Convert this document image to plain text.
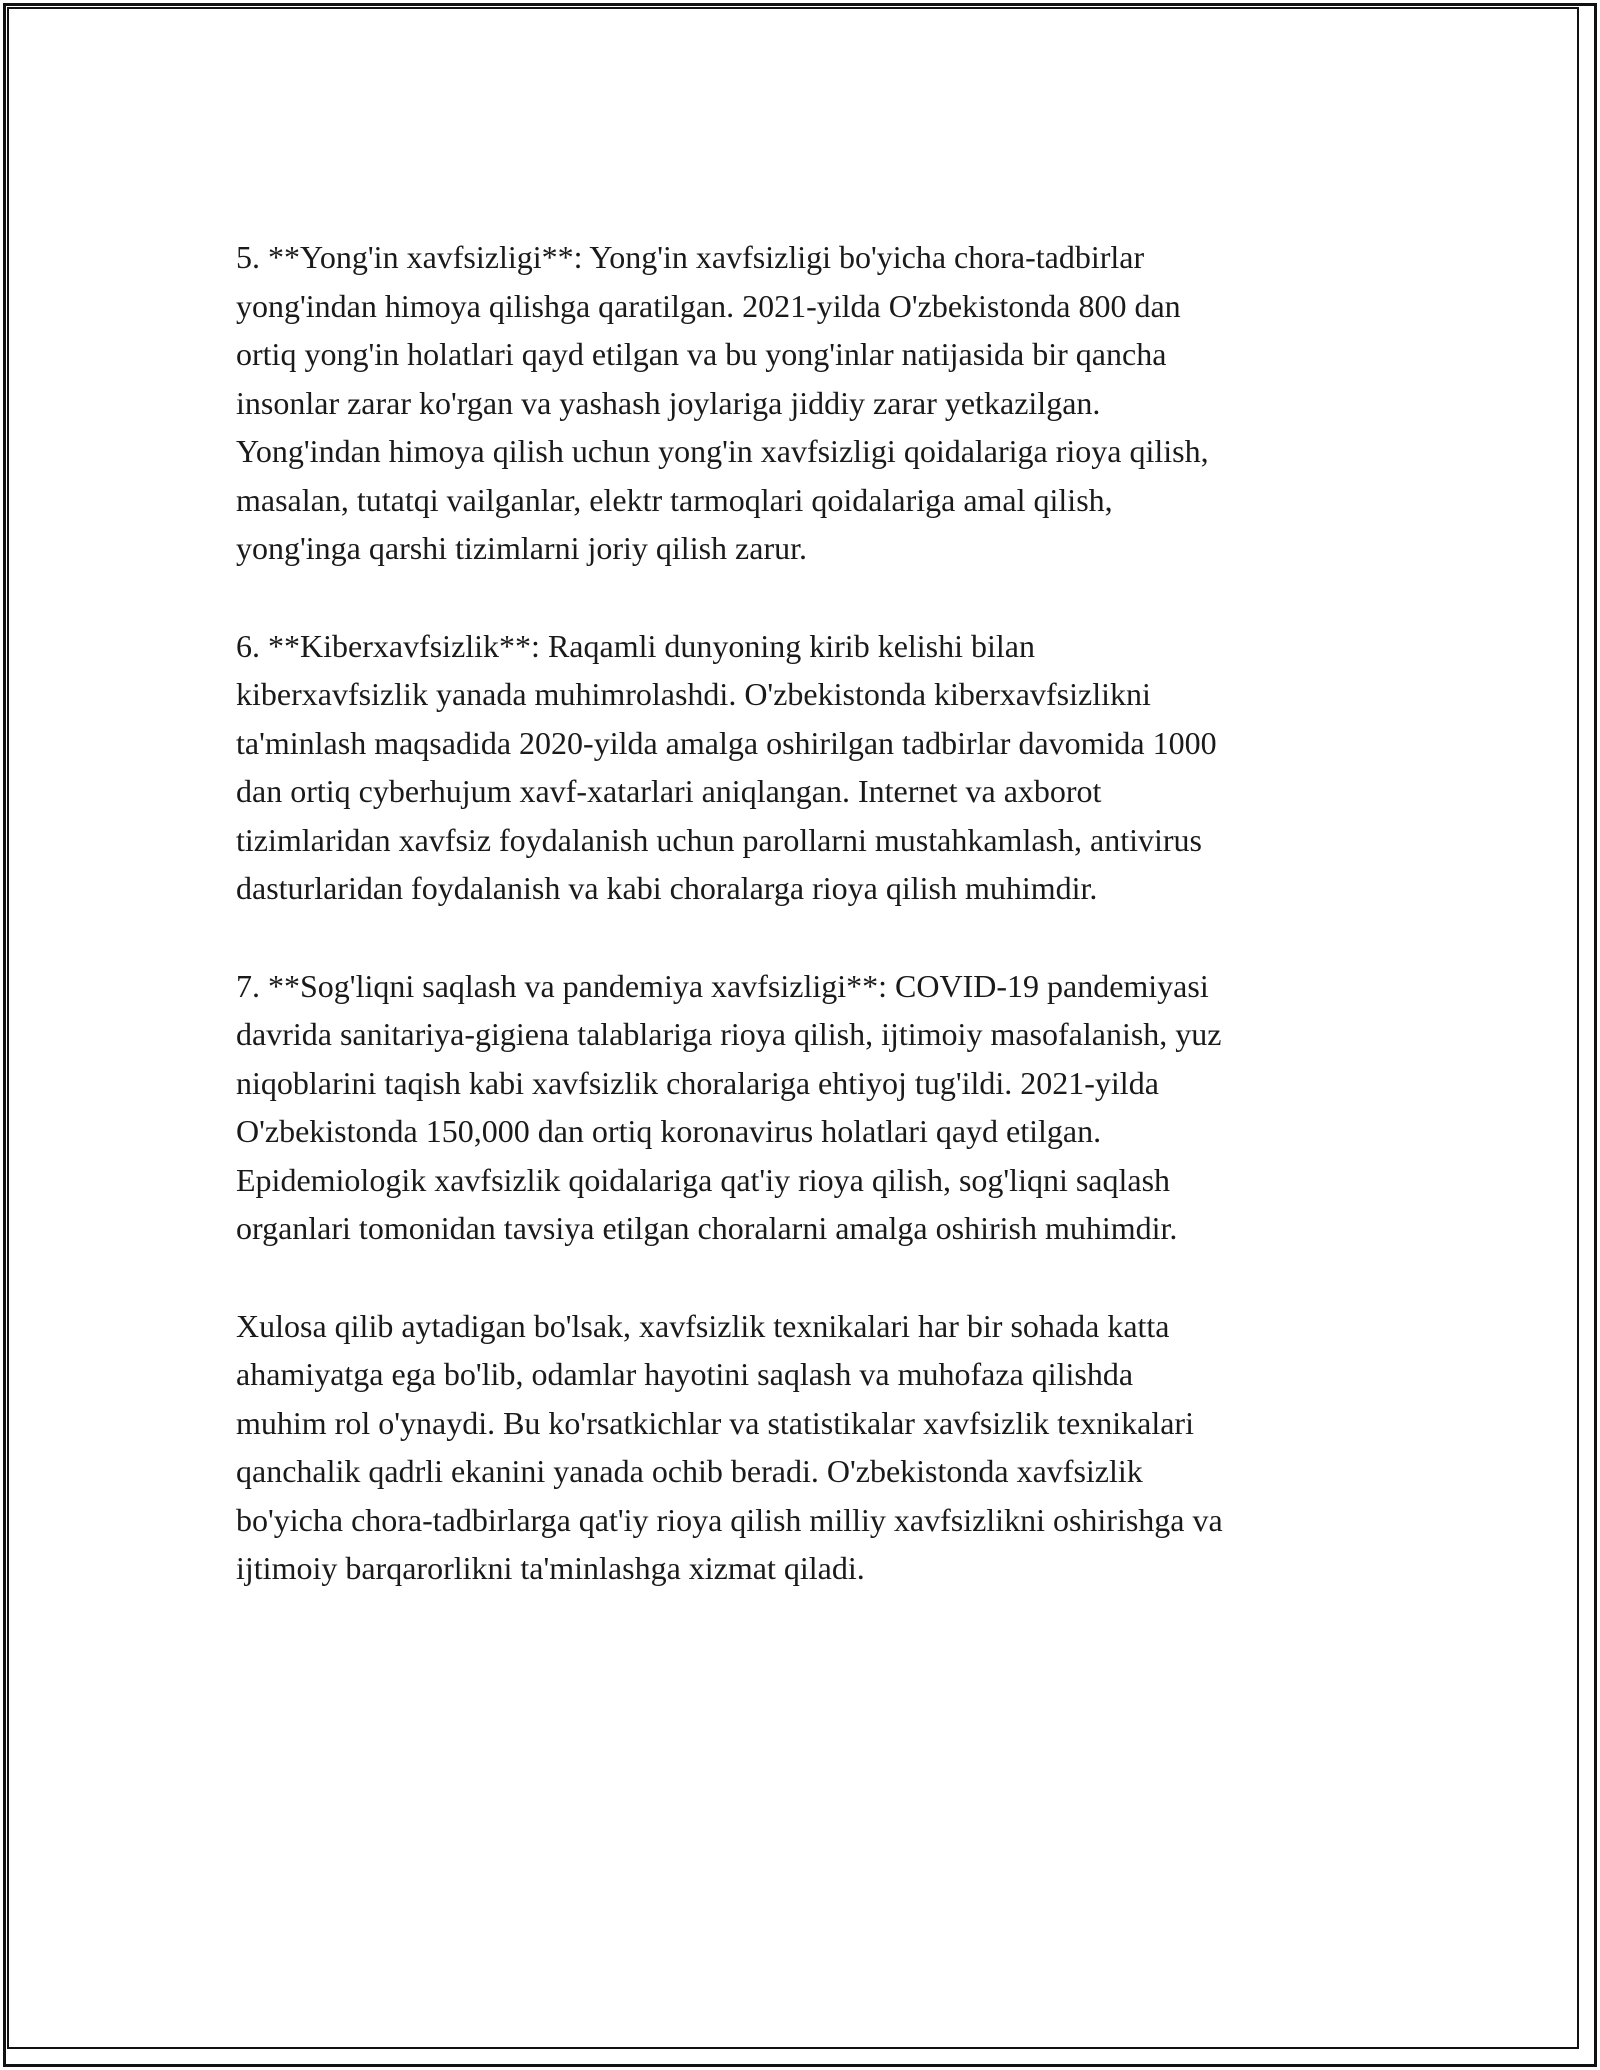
5. **Yong'in xavfsizligi**: Yong'in xavfsizligi bo'yicha chora-tadbirlar
yong'indan himoya qilishga qaratilgan. 2021-yilda O'zbekistonda 800 dan
ortiq yong'in holatlari qayd etilgan va bu yong'inlar natijasida bir qancha
insonlar zarar ko'rgan va yashash joylariga jiddiy zarar yetkazilgan.
Yong'indan himoya qilish uchun yong'in xavfsizligi qoidalariga rioya qilish,
masalan, tutatqi vailganlar, elektr tarmoqlari qoidalariga amal qilish,
yong'inga qarshi tizimlarni joriy qilish zarur.
6. **Kiberxavfsizlik**: Raqamli dunyoning kirib kelishi bilan
kiberxavfsizlik yanada muhimrolashdi. O'zbekistonda kiberxavfsizlikni
ta'minlash maqsadida 2020-yilda amalga oshirilgan tadbirlar davomida 1000
dan ortiq cyberhujum xavf-xatarlari aniqlangan. Internet va axborot
tizimlaridan xavfsiz foydalanish uchun parollarni mustahkamlash, antivirus
dasturlaridan foydalanish va kabi choralarga rioya qilish muhimdir.
7. **Sog'liqni saqlash va pandemiya xavfsizligi**: COVID-19 pandemiyasi
davrida sanitariya-gigiena talablariga rioya qilish, ijtimoiy masofalanish, yuz
niqoblarini taqish kabi xavfsizlik choralariga ehtiyoj tug'ildi. 2021-yilda
O'zbekistonda 150,000 dan ortiq koronavirus holatlari qayd etilgan.
Epidemiologik xavfsizlik qoidalariga qat'iy rioya qilish, sog'liqni saqlash
organlari tomonidan tavsiya etilgan choralarni amalga oshirish muhimdir.
Xulosa qilib aytadigan bo'lsak, xavfsizlik texnikalari har bir sohada katta
ahamiyatga ega bo'lib, odamlar hayotini saqlash va muhofaza qilishda
muhim rol o'ynaydi. Bu ko'rsatkichlar va statistikalar xavfsizlik texnikalari
qanchalik qadrli ekanini yanada ochib beradi. O'zbekistonda xavfsizlik
bo'yicha chora-tadbirlarga qat'iy rioya qilish milliy xavfsizlikni oshirishga va
ijtimoiy barqarorlikni ta'minlashga xizmat qiladi.
